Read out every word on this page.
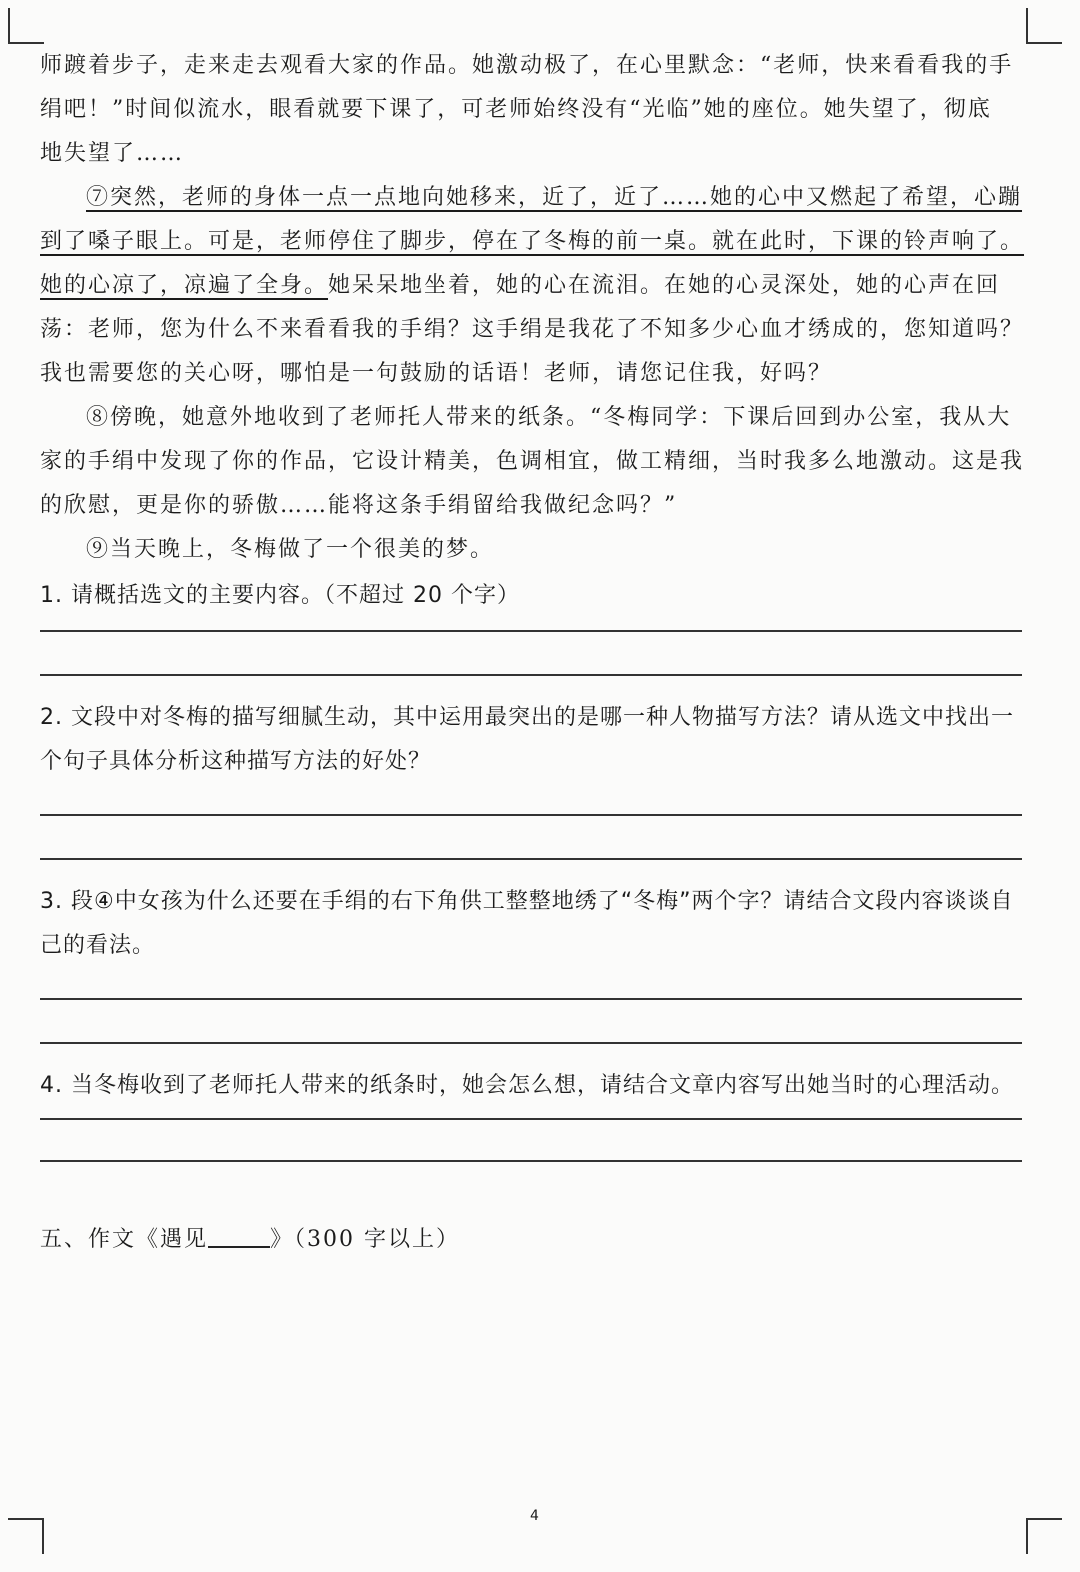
师踱着步子，走来走去观看大家的作品。她激动极了，在心里默念：“老师，快来看看我的手
绢吧！”时间似流水，眼看就要下课了，可老师始终没有“光临”她的座位。她失望了，彻底
地失望了……

⑦突然，老师的身体一点一点地向她移来，近了，近了……她的心中又燃起了希望，心蹦到了嗓子眼上。可是，老师停住了脚步，停在了冬梅的前一桌。就在此时，下课的铃声响了。她的心凉了，凉遍了全身。她呆呆地坐着，她的心在流泪。在她的心灵深处，她的心声在回荡：老师，您为什么不来看看我的手绢？这手绢是我花了不知多少心血才绣成的，您知道吗？我也需要您的关心呀，哪怕是一句鼓励的话语！老师，请您记住我，好吗？

⑧傍晚，她意外地收到了老师托人带来的纸条。“冬梅同学：下课后回到办公室，我从大家的手绢中发现了你的作品，它设计精美，色调相宜，做工精细，当时我多么地激动。这是我的欣慰，更是你的骄傲……能将这条手绢留给我做纪念吗？”

⑨当天晚上，冬梅做了一个很美的梦。

1. 请概括选文的主要内容。（不超过 20 个字）

2. 文段中对冬梅的描写细腻生动，其中运用最突出的是哪一种人物描写方法？请从选文中找出一个句子具体分析这种描写方法的好处？

3. 段④中女孩为什么还要在手绢的右下角供工整整地绣了“冬梅”两个字？请结合文段内容谈谈自己的看法。

4. 当冬梅收到了老师托人带来的纸条时，她会怎么想，请结合文章内容写出她当时的心理活动。

五、作文《遇见	》（300 字以上）

4
